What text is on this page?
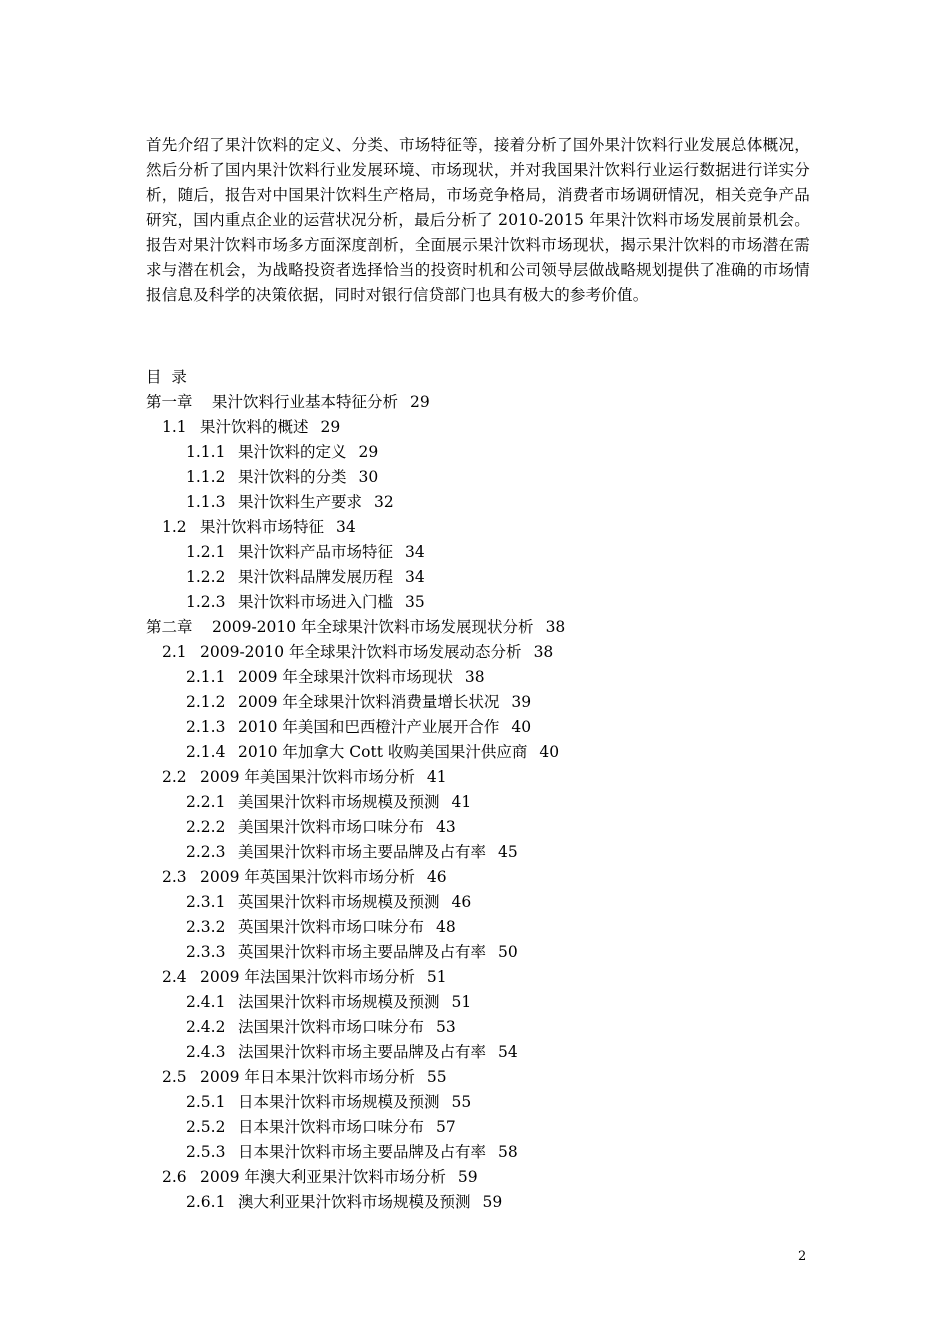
首先介绍了果汁饮料的定义、分类、市场特征等，接着分析了国外果汁饮料行业发展总体概况，然后分析了国内果汁饮料行业发展环境、市场现状，并对我国果汁饮料行业运行数据进行详实分析，随后，报告对中国果汁饮料生产格局，市场竞争格局，消费者市场调研情况，相关竞争产品研究，国内重点企业的运营状况分析，最后分析了 2010-2015 年果汁饮料市场发展前景机会。报告对果汁饮料市场多方面深度剖析，全面展示果汁饮料市场现状，揭示果汁饮料的市场潜在需求与潜在机会，为战略投资者选择恰当的投资时机和公司领导层做战略规划提供了准确的市场情报信息及科学的决策依据，同时对银行信贷部门也具有极大的参考价值。

目  录
第一章 果汁饮料行业基本特征分析 29
1.1 果汁饮料的概述 29
1.1.1 果汁饮料的定义 29
1.1.2 果汁饮料的分类 30
1.1.3 果汁饮料生产要求 32
1.2 果汁饮料市场特征 34
1.2.1 果汁饮料产品市场特征 34
1.2.2 果汁饮料品牌发展历程 34
1.2.3 果汁饮料市场进入门槛 35
第二章 2009-2010 年全球果汁饮料市场发展现状分析 38
2.1 2009-2010 年全球果汁饮料市场发展动态分析 38
2.1.1 2009 年全球果汁饮料市场现状 38
2.1.2 2009 年全球果汁饮料消费量增长状况 39
2.1.3 2010 年美国和巴西橙汁产业展开合作 40
2.1.4 2010 年加拿大 Cott 收购美国果汁供应商 40
2.2 2009 年美国果汁饮料市场分析 41
2.2.1 美国果汁饮料市场规模及预测 41
2.2.2 美国果汁饮料市场口味分布 43
2.2.3 美国果汁饮料市场主要品牌及占有率 45
2.3 2009 年英国果汁饮料市场分析 46
2.3.1 英国果汁饮料市场规模及预测 46
2.3.2 英国果汁饮料市场口味分布 48
2.3.3 英国果汁饮料市场主要品牌及占有率 50
2.4 2009 年法国果汁饮料市场分析 51
2.4.1 法国果汁饮料市场规模及预测 51
2.4.2 法国果汁饮料市场口味分布 53
2.4.3 法国果汁饮料市场主要品牌及占有率 54
2.5 2009 年日本果汁饮料市场分析 55
2.5.1 日本果汁饮料市场规模及预测 55
2.5.2 日本果汁饮料市场口味分布 57
2.5.3 日本果汁饮料市场主要品牌及占有率 58
2.6 2009 年澳大利亚果汁饮料市场分析 59
2.6.1 澳大利亚果汁饮料市场规模及预测 59
2
